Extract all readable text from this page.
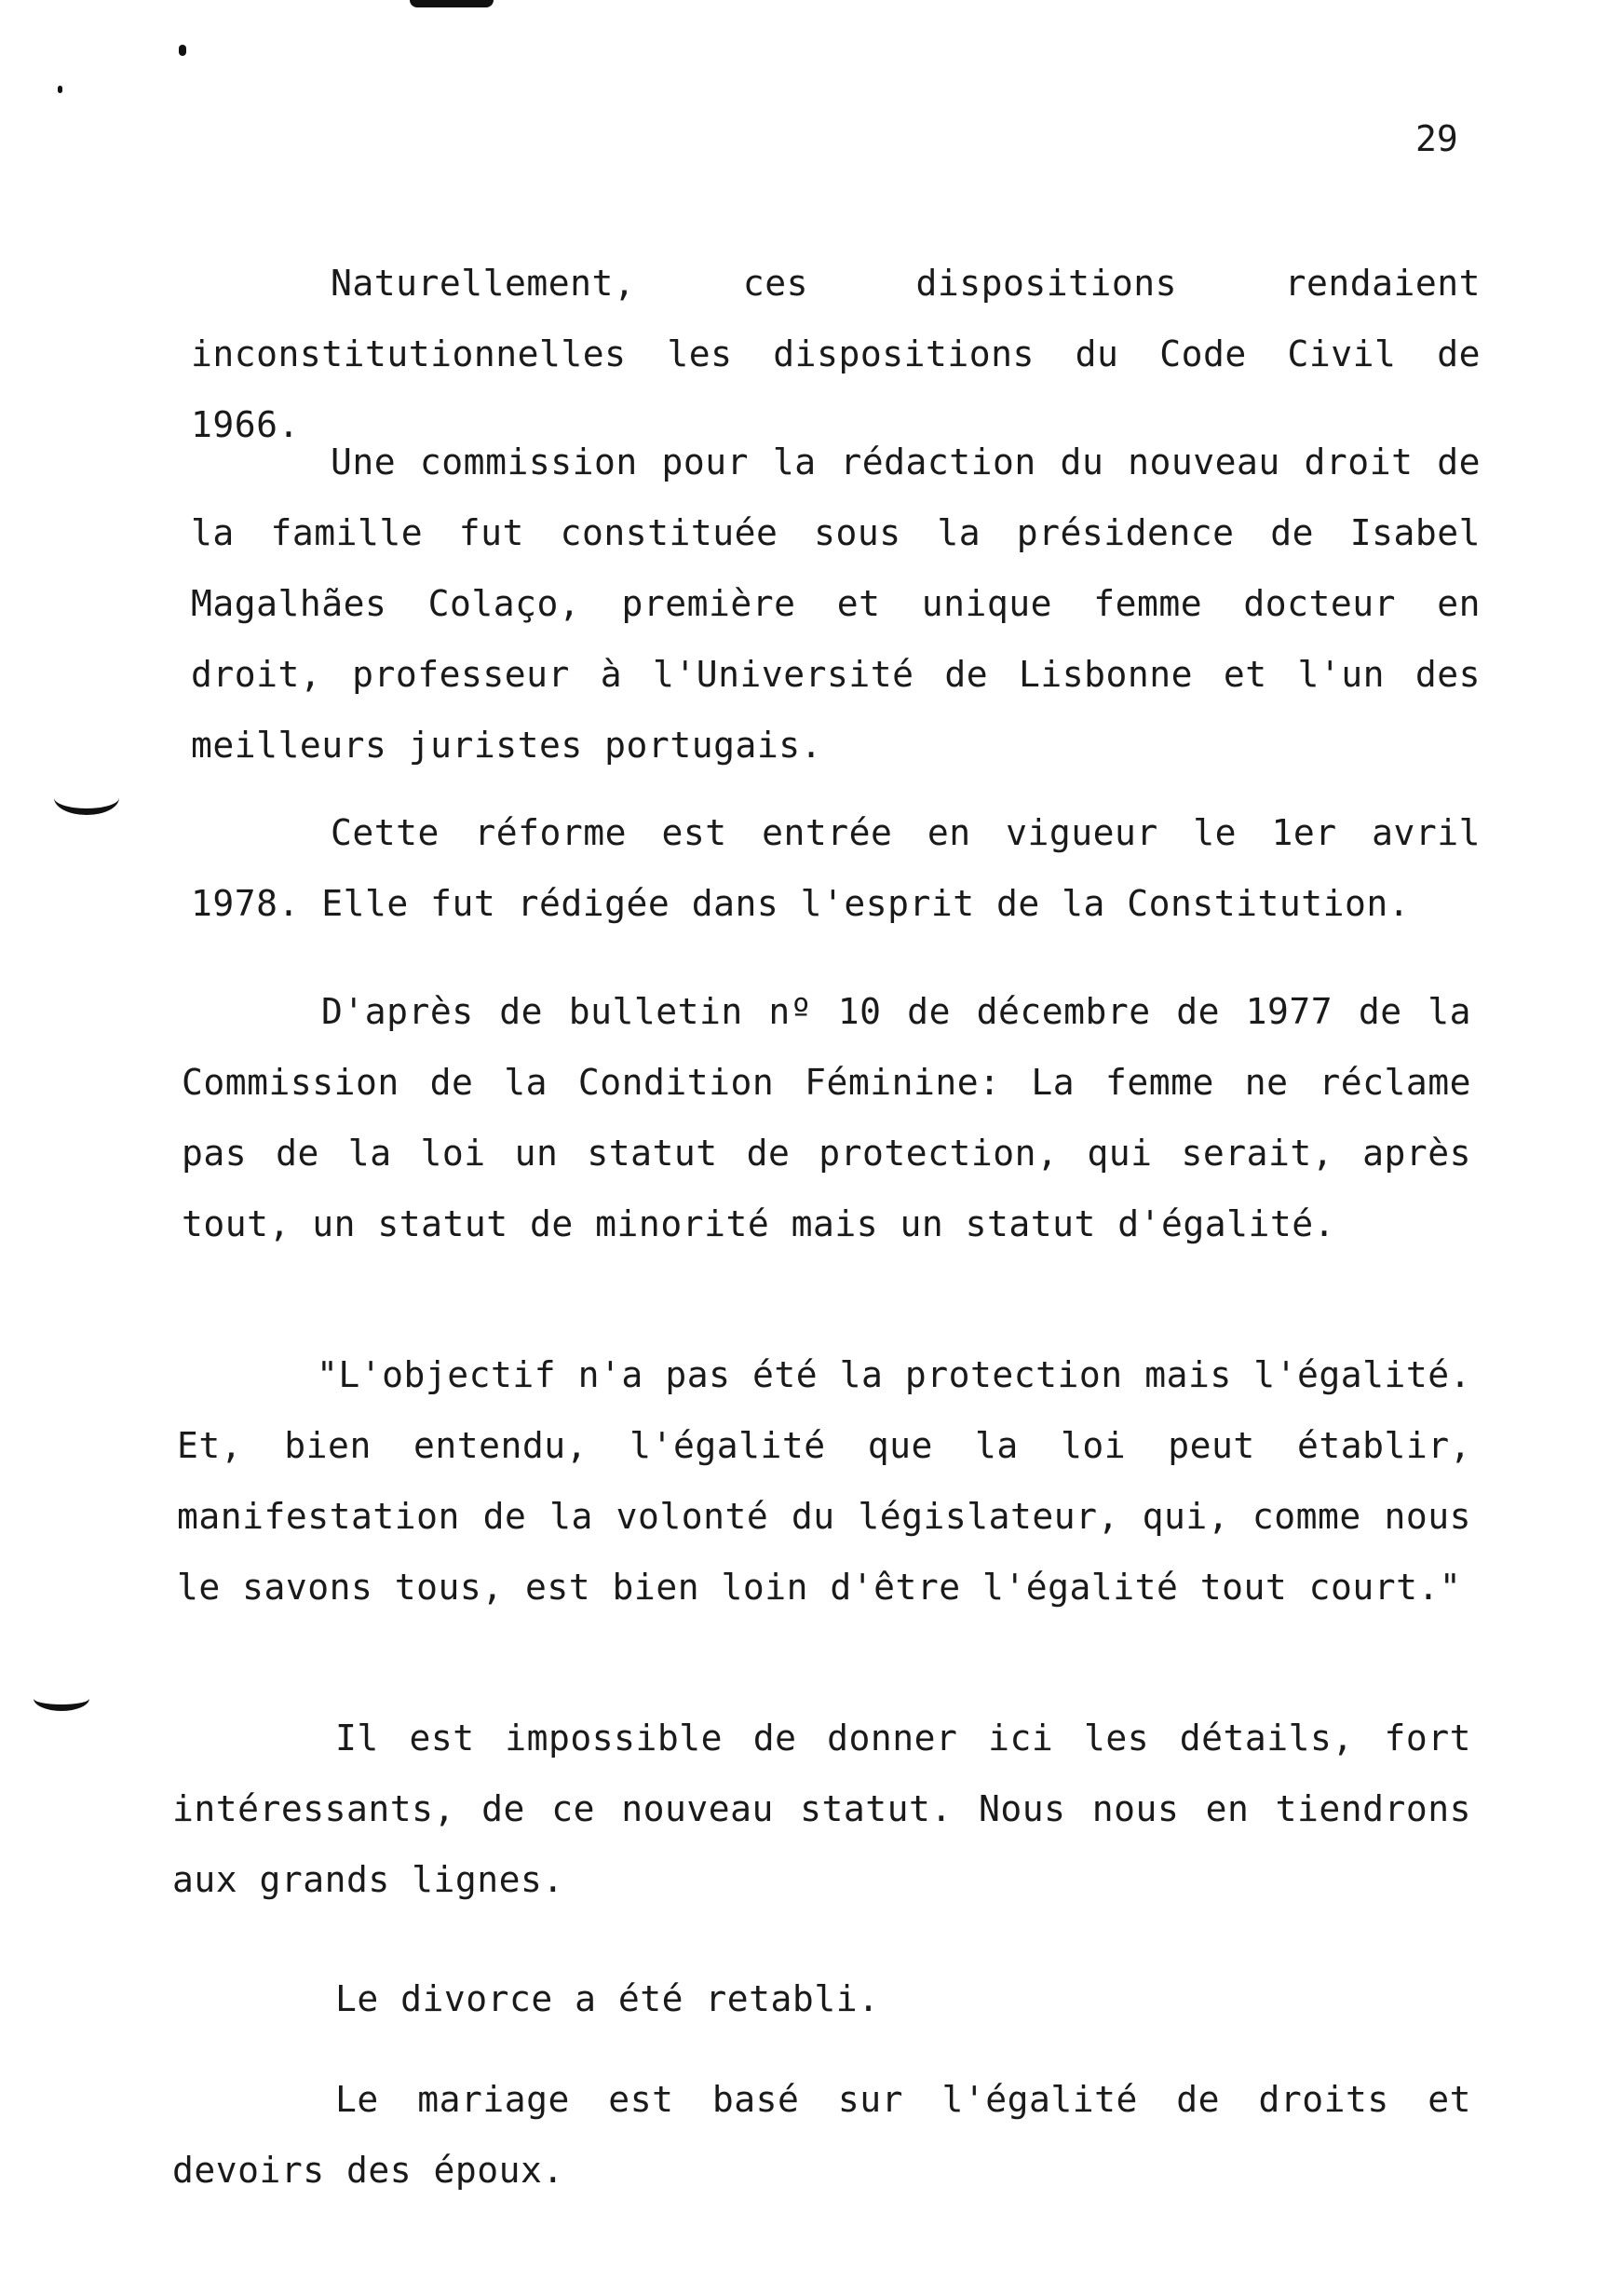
29

Naturellement, ces dispositions rendaient inconstitutionnelles les dispositions du Code Civil de 1966.

Une commission pour la rédaction du nouveau droit de la famille fut constituée sous la présidence de Isabel Magalhães Colaço, première et unique femme docteur en droit, professeur à l'Université de Lisbonne et l'un des meilleurs juristes portugais.

Cette réforme est entrée en vigueur le 1er avril 1978. Elle fut rédigée dans l'esprit de la Constitution.

D'après de bulletin nº 10 de décembre de 1977 de la Commission de la Condition Féminine: La femme ne réclame pas de la loi un statut de protection, qui serait, après tout, un statut de minorité mais un statut d'égalité.

"L'objectif n'a pas été la protection mais l'égalité. Et, bien entendu, l'égalité que la loi peut établir, manifestation de la volonté du législateur, qui, comme nous le savons tous, est bien loin d'être l'égalité tout court."

Il est impossible de donner ici les détails, fort intéressants, de ce nouveau statut. Nous nous en tiendrons aux grands lignes.

Le divorce a été retabli.

Le mariage est basé sur l'égalité de droits et devoirs des époux.
